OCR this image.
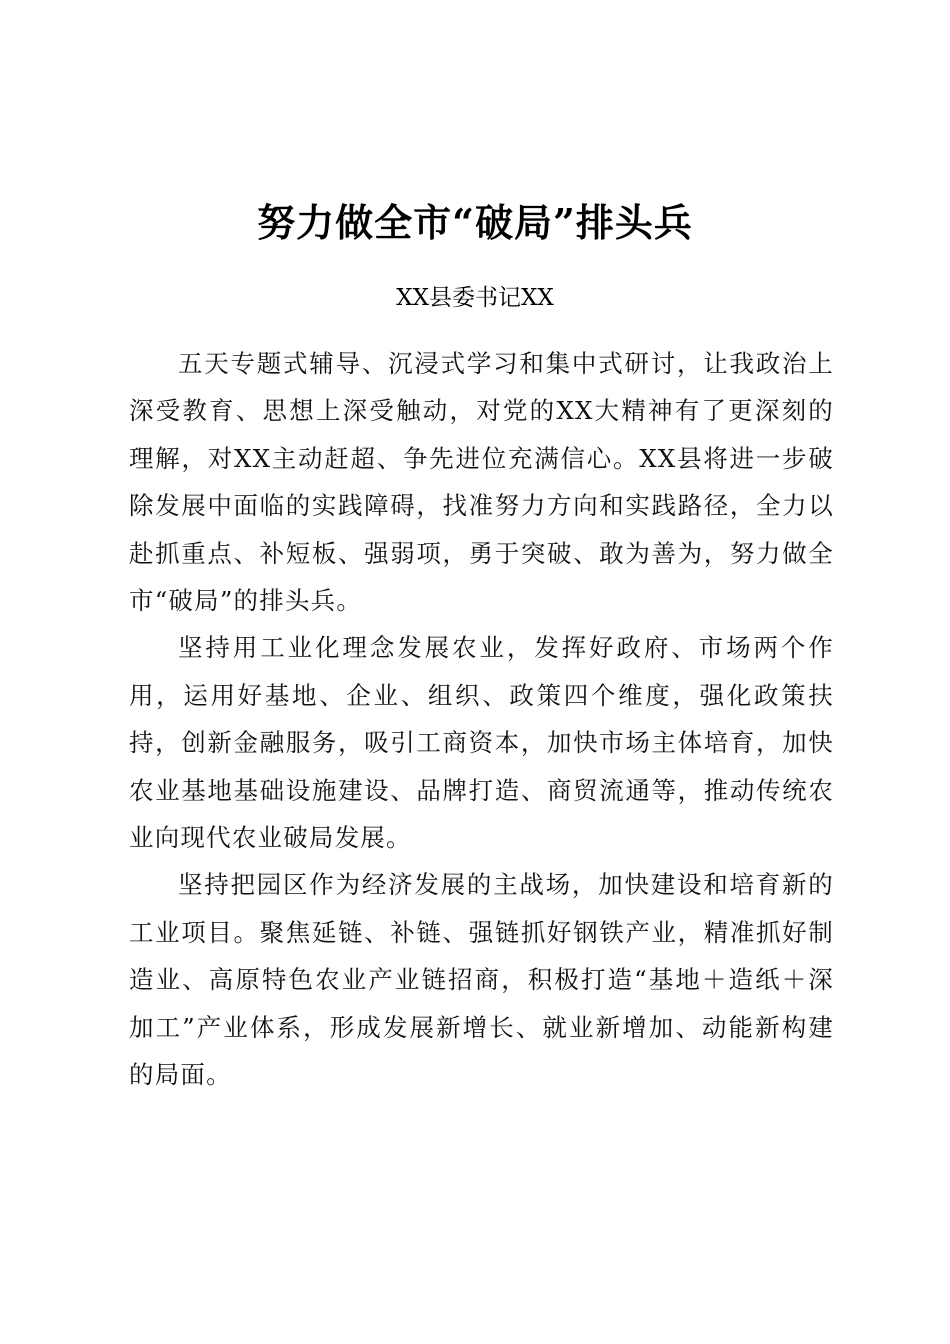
努力做全市“破局”排头兵
XX县委书记XX

五天专题式辅导、沉浸式学习和集中式研讨，让我政治上深受教育、思想上深受触动，对党的XX大精神有了更深刻的理解，对XX主动赶超、争先进位充满信心。XX县将进一步破除发展中面临的实践障碍，找准努力方向和实践路径，全力以赴抓重点、补短板、强弱项，勇于突破、敢为善为，努力做全市“破局”的排头兵。

坚持用工业化理念发展农业，发挥好政府、市场两个作用，运用好基地、企业、组织、政策四个维度，强化政策扶持，创新金融服务，吸引工商资本，加快市场主体培育，加快农业基地基础设施建设、品牌打造、商贸流通等，推动传统农业向现代农业破局发展。

坚持把园区作为经济发展的主战场，加快建设和培育新的工业项目。聚焦延链、补链、强链抓好钢铁产业，精准抓好制造业、高原特色农业产业链招商，积极打造“基地＋造纸＋深加工”产业体系，形成发展新增长、就业新增加、动能新构建的局面。
